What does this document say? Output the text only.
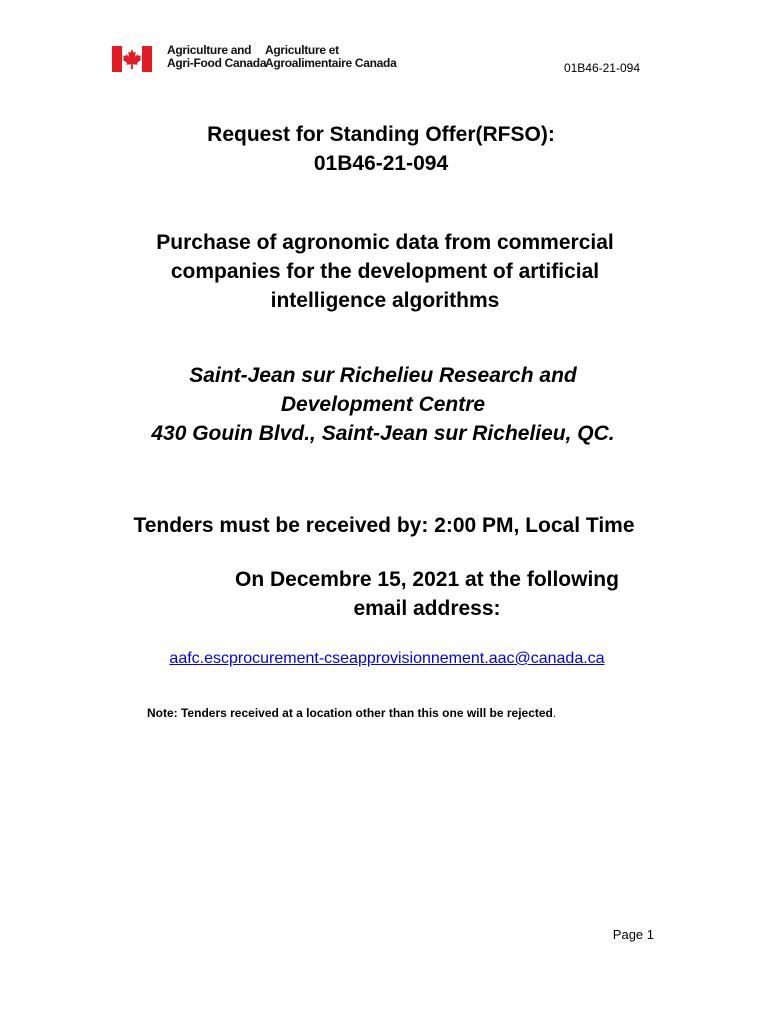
Agriculture and
Agri-Food Canada
Agriculture et
Agroalimentaire Canada	01B46-21-094
Request for Standing Offer(RFSO):
01B46-21-094
Purchase of agronomic data from commercial
companies for the development of artificial
intelligence algorithms
Saint-Jean sur Richelieu Research and
Development Centre
430 Gouin Blvd., Saint-Jean sur Richelieu, QC.
Tenders must be received by: 2:00 PM, Local Time
On Decembre 15, 2021 at the following
email address:
aafc.escprocurement-cseapprovisionnement.aac@canada.ca
Note: Tenders received at a location other than this one will be rejected.
Page 1
